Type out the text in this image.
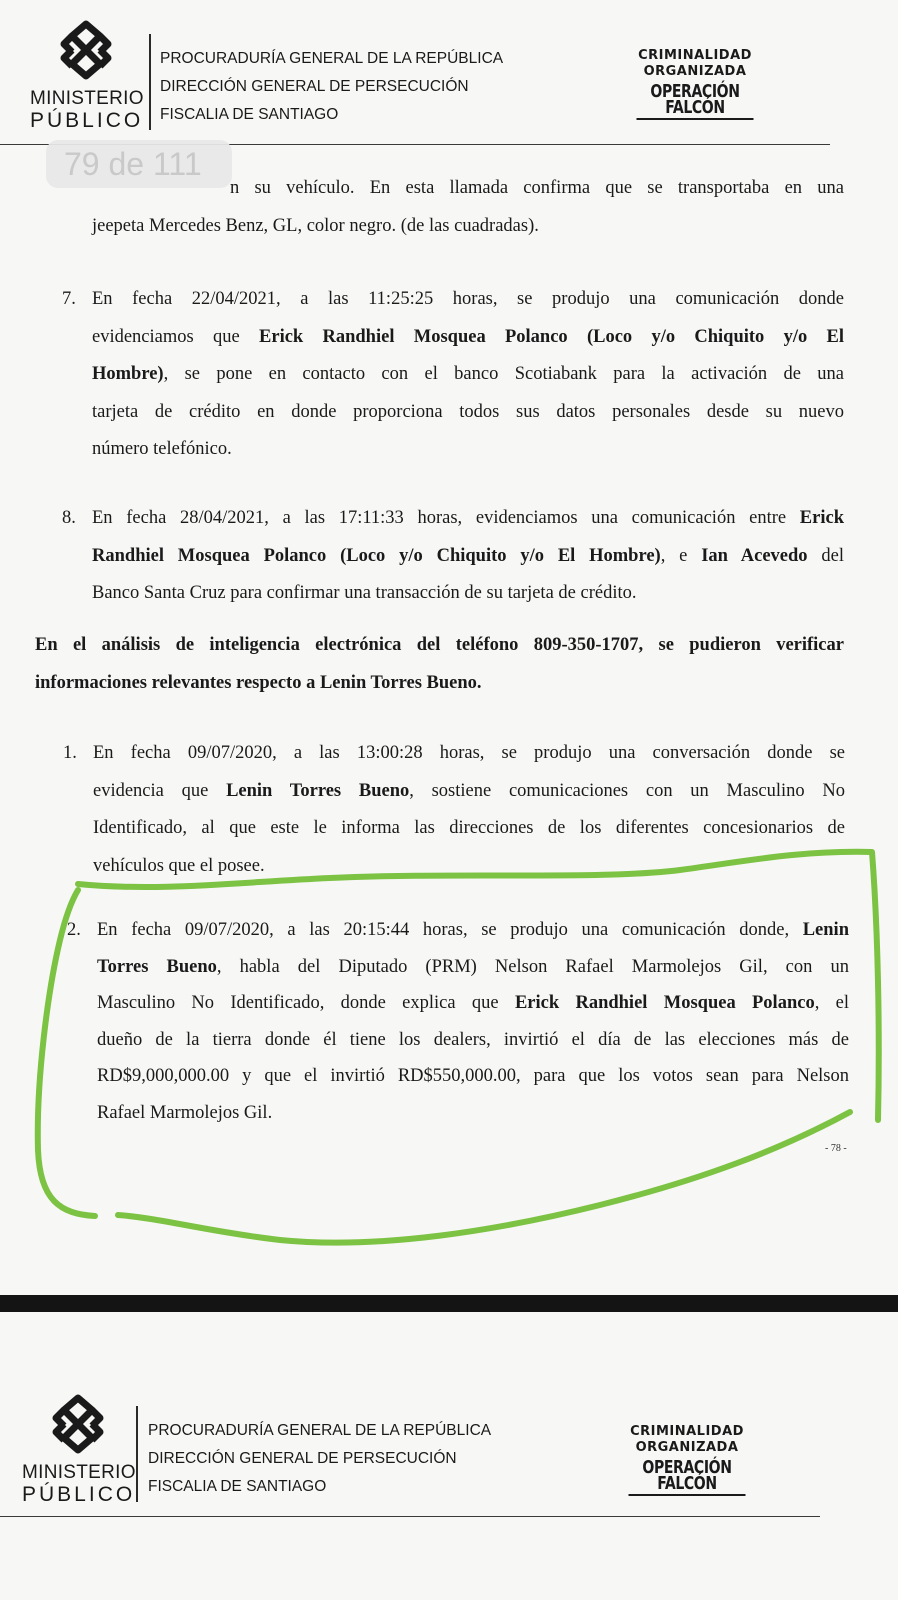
MINISTERIO
PÚBLICO
PROCURADURÍA GENERAL DE LA REPÚBLICA
DIRECCIÓN GENERAL DE PERSECUCIÓN
FISCALIA DE SANTIAGO
CRIMINALIDAD
ORGANIZADA
OPERACIÓN FALCÓN
n su vehículo. En esta llamada confirma que se transportaba en una
jeepeta Mercedes Benz, GL, color negro. (de las cuadradas).
79 de 111
7. En fecha 22/04/2021, a las 11:25:25 horas, se produjo una comunicación donde
evidenciamos que Erick Randhiel Mosquea Polanco (Loco y/o Chiquito y/o El
Hombre), se pone en contacto con el banco Scotiabank para la activación de una
tarjeta de crédito en donde proporciona todos sus datos personales desde su nuevo
número telefónico.
8. En fecha 28/04/2021, a las 17:11:33 horas, evidenciamos una comunicación entre Erick
Randhiel Mosquea Polanco (Loco y/o Chiquito y/o El Hombre), e Ian Acevedo del
Banco Santa Cruz para confirmar una transacción de su tarjeta de crédito.
En el análisis de inteligencia electrónica del teléfono 809-350-1707, se pudieron verificar
informaciones relevantes respecto a Lenin Torres Bueno.
1. En fecha 09/07/2020, a las 13:00:28 horas, se produjo una conversación donde se
evidencia que Lenin Torres Bueno, sostiene comunicaciones con un Masculino No
Identificado, al que este le informa las direcciones de los diferentes concesionarios de
vehículos que el posee.
2. En fecha 09/07/2020, a las 20:15:44 horas, se produjo una comunicación donde, Lenin
Torres Bueno, habla del Diputado (PRM) Nelson Rafael Marmolejos Gil, con un
Masculino No Identificado, donde explica que Erick Randhiel Mosquea Polanco, el
dueño de la tierra donde él tiene los dealers, invirtió el día de las elecciones más de
RD$9,000,000.00 y que el invirtió RD$550,000.00, para que los votos sean para Nelson
Rafael Marmolejos Gil.
- 78 -
MINISTERIO
PÚBLICO
PROCURADURÍA GENERAL DE LA REPÚBLICA
DIRECCIÓN GENERAL DE PERSECUCIÓN
FISCALIA DE SANTIAGO
CRIMINALIDAD
ORGANIZADA
OPERACIÓN FALCÓN
